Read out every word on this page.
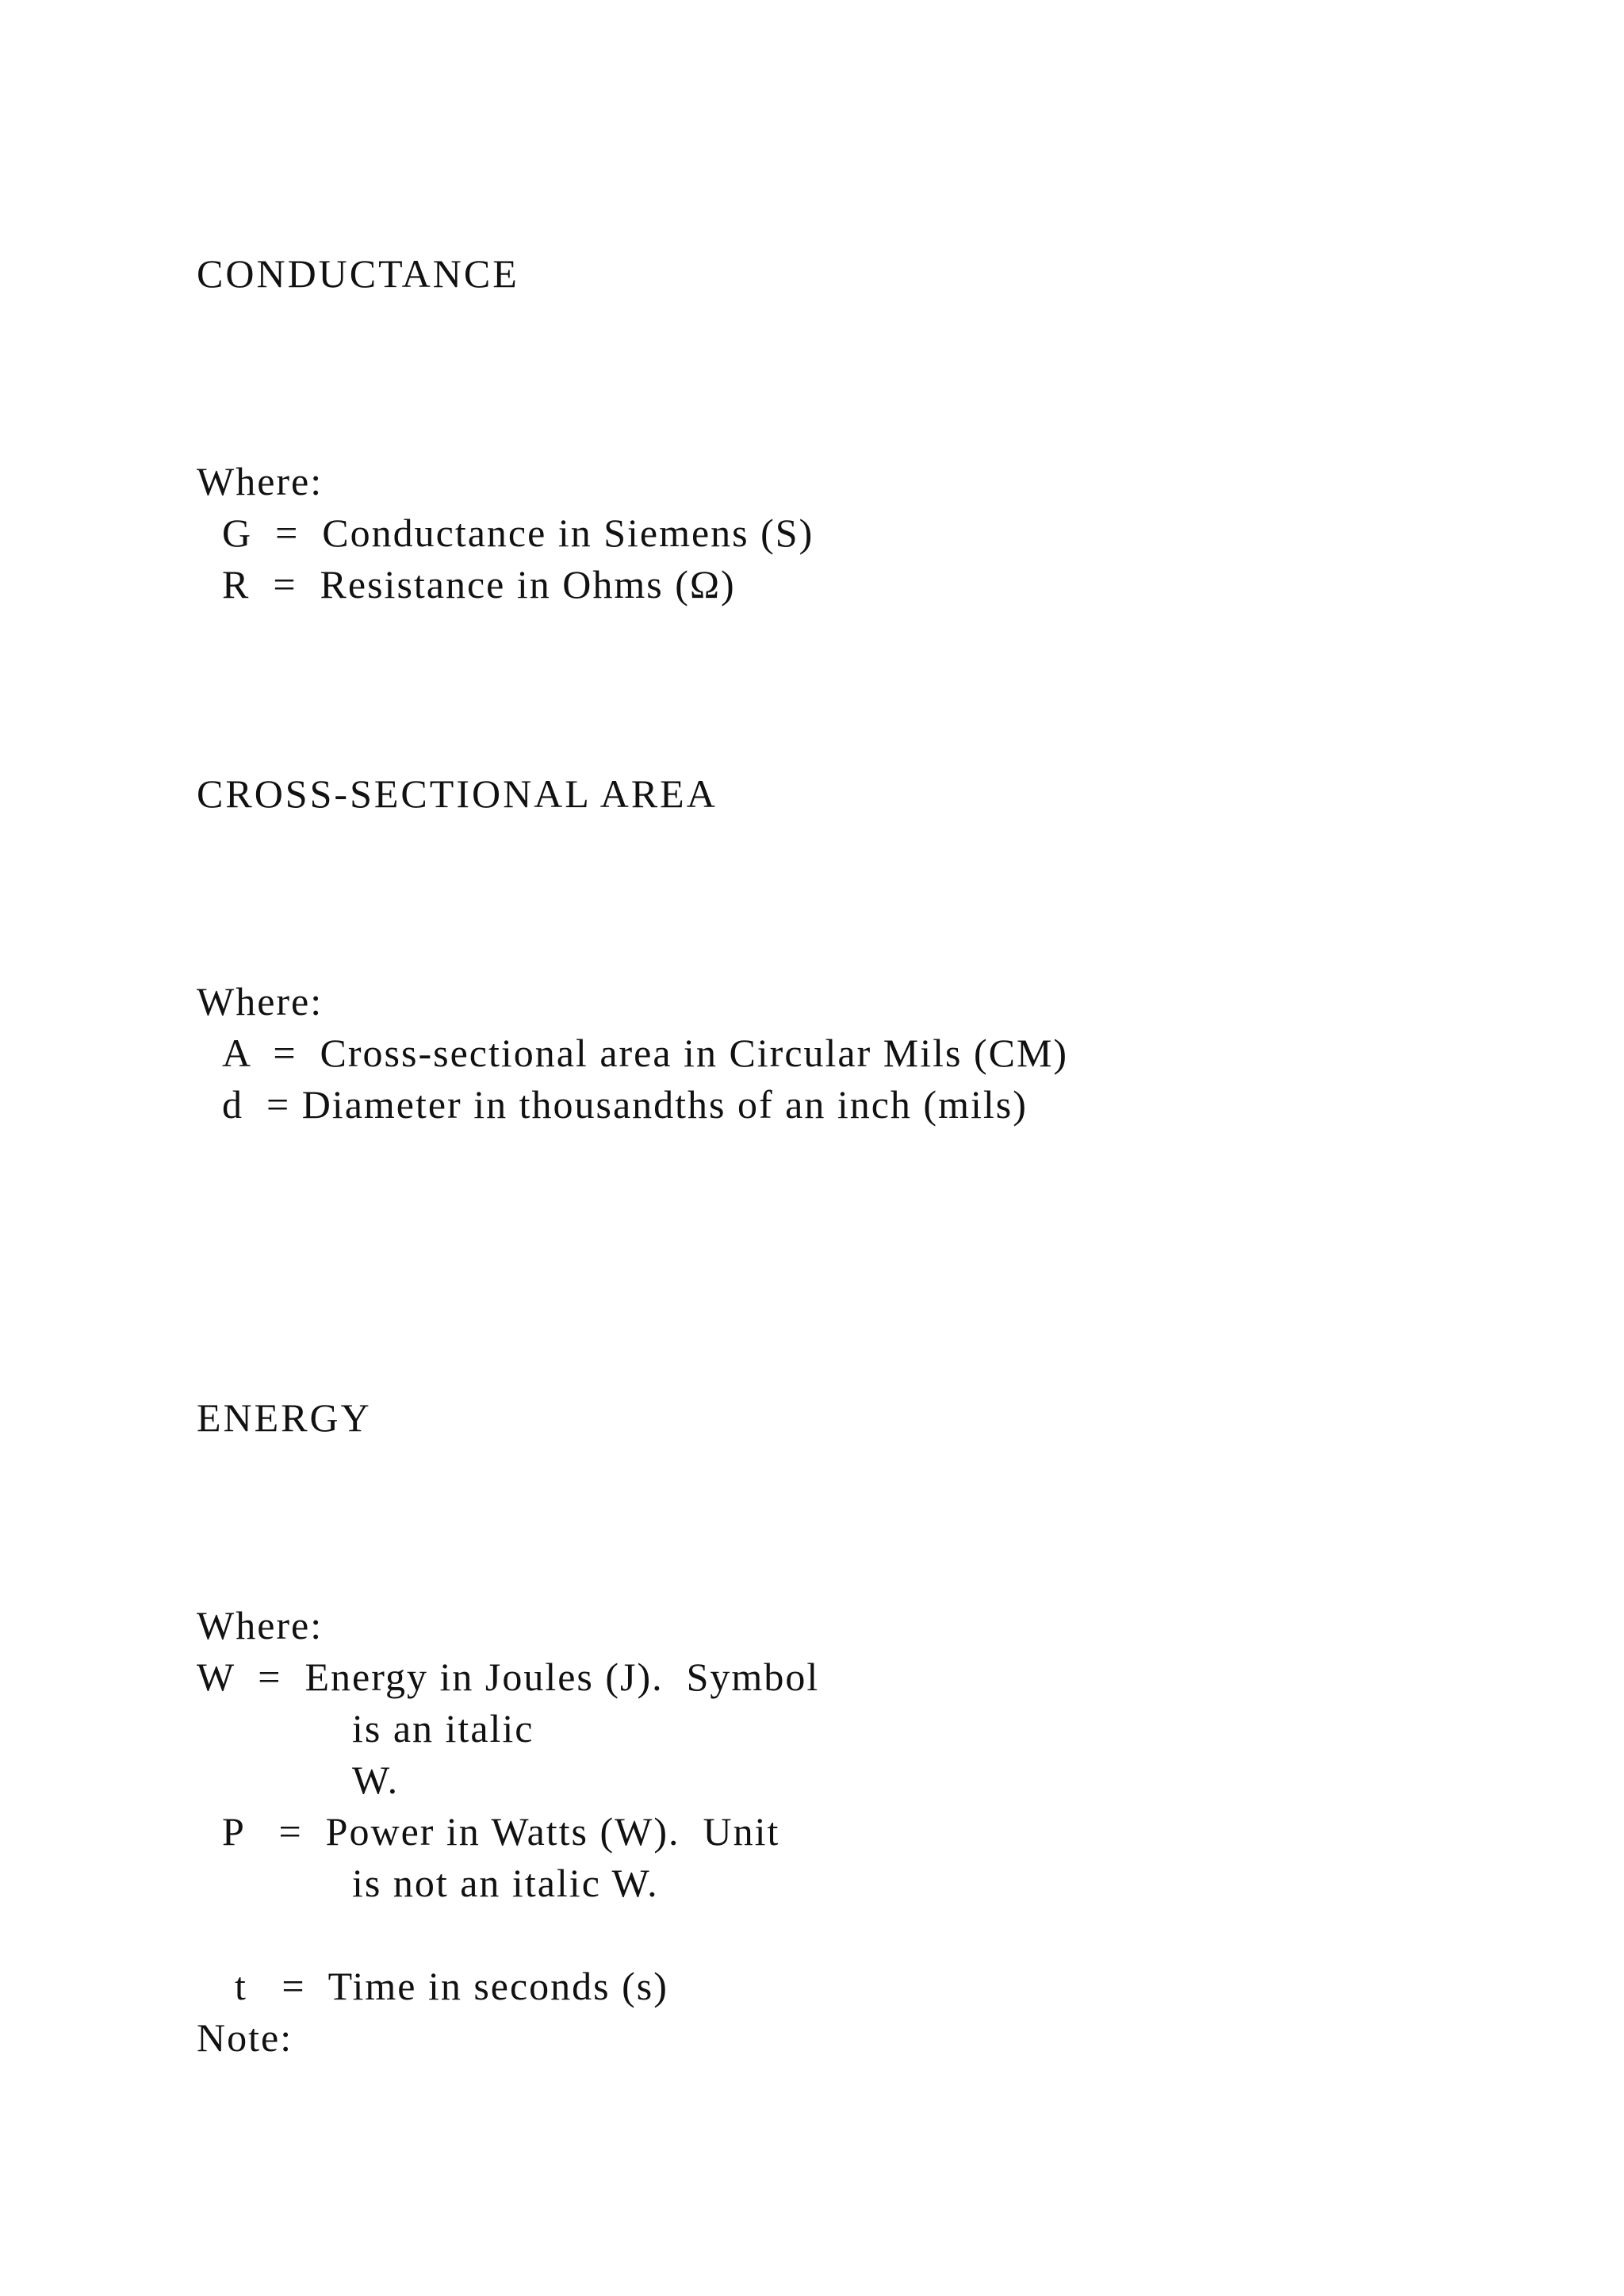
CONDUCTANCE
Where:
G  =  Conductance in Siemens (S)
R  =  Resistance in Ohms (Ω)
CROSS-SECTIONAL AREA
Where:
A  =  Cross-sectional area in Circular Mils (CM)
d  = Diameter in thousandths of an inch (mils)
ENERGY
Where:
W  =  Energy in Joules (J).  Symbol
is an italic
W.
P   =  Power in Watts (W).  Unit
is not an italic W.
t   =  Time in seconds (s)
Note:
